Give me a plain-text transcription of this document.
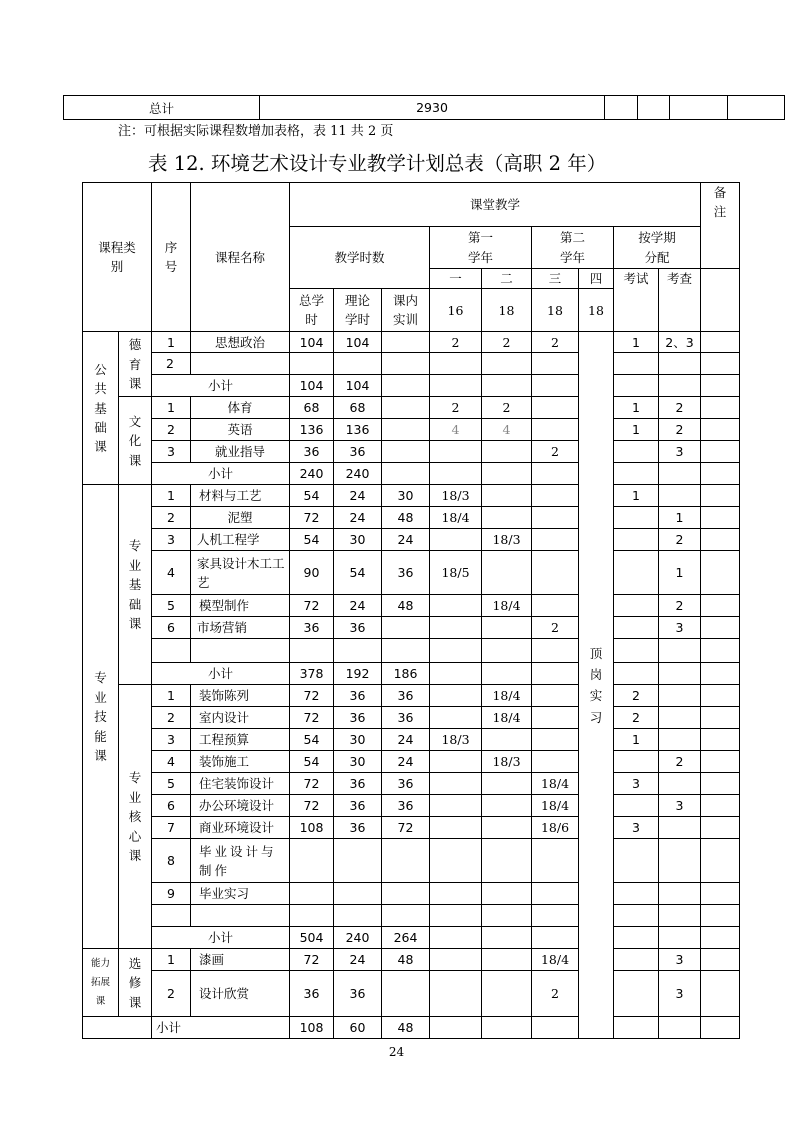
总计	2930				
注：可根据实际课程数增加表格，表 11 共 2 页
表 12. 环境艺术设计专业教学计划总表（高职 2 年）
课程类别		序号	课程名称	课堂教学									备注	

				教学时数			第一学年		第二学年		按学期分配			

							一	二	三	四	考试	考查		

				总学时	理论学时	课内实训	16	18	18	18				

公共基础课	德育课	1	思想政治	104	104		2	2	2	顶岗实习	1	2、3		
		2												
		小计		104	104									

	文化课	1	体育	68	68		2	2			1	2		
		2	英语	136	136		4	4			1	2		
		3	就业指导	36	36				2			3		
		小计		240	240									

专业技能课	专业基础课	1	材料与工艺	54	24	30	18/3				1			
		2	泥塑	72	24	48	18/4					1		
		3	人机工程学	54	30	24		18/3				2		
		4	家具设计木工工艺	90	54	36	18/5					1		
		5	模型制作	72	24	48		18/4				2		
		6	市场营销	36	36				2			3		

		小计		378	192	186								

	专业核心课	1	装饰陈列	72	36	36		18/4			2			
		2	室内设计	72	36	36		18/4			2			
		3	工程预算	54	30	24	18/3				1			
		4	装饰施工	54	30	24		18/3				2		
		5	住宅装饰设计	72	36	36			18/4		3			
		6	办公环境设计	72	36	36			18/4			3		
		7	商业环境设计	108	36	72			18/6		3			
		8	毕业设计与制作											

		9	毕业实习											

		小计		504	240	264								

能力拓展课	选修课	1	漆画	72	24	48			18/4			3		
		2	设计欣赏	36	36				2			3		
		小计		108	60	48								
24
